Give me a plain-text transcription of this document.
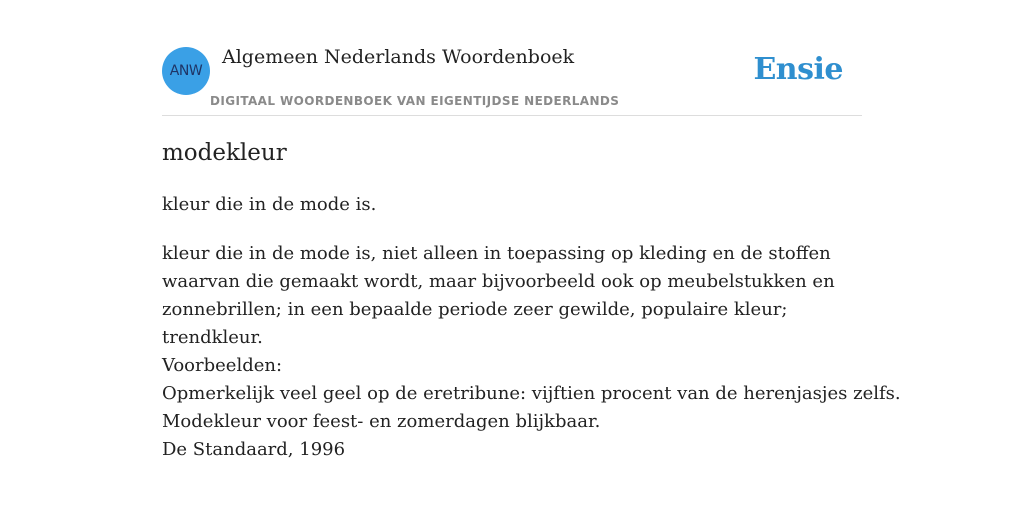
ANW
Algemeen Nederlands Woordenboek
DIGITAAL WOORDENBOEK VAN EIGENTIJDSE NEDERLANDS
Ensie
modekleur
kleur die in de mode is.
kleur die in de mode is, niet alleen in toepassing op kleding en de stoffen waarvan die gemaakt wordt, maar bijvoorbeeld ook op meubelstukken en zonnebrillen; in een bepaalde periode zeer gewilde, populaire kleur; trendkleur.
Voorbeelden:
Opmerkelijk veel geel op de eretribune: vijftien procent van de herenjasjes zelfs.
Modekleur voor feest- en zomerdagen blijkbaar.
De Standaard, 1996
